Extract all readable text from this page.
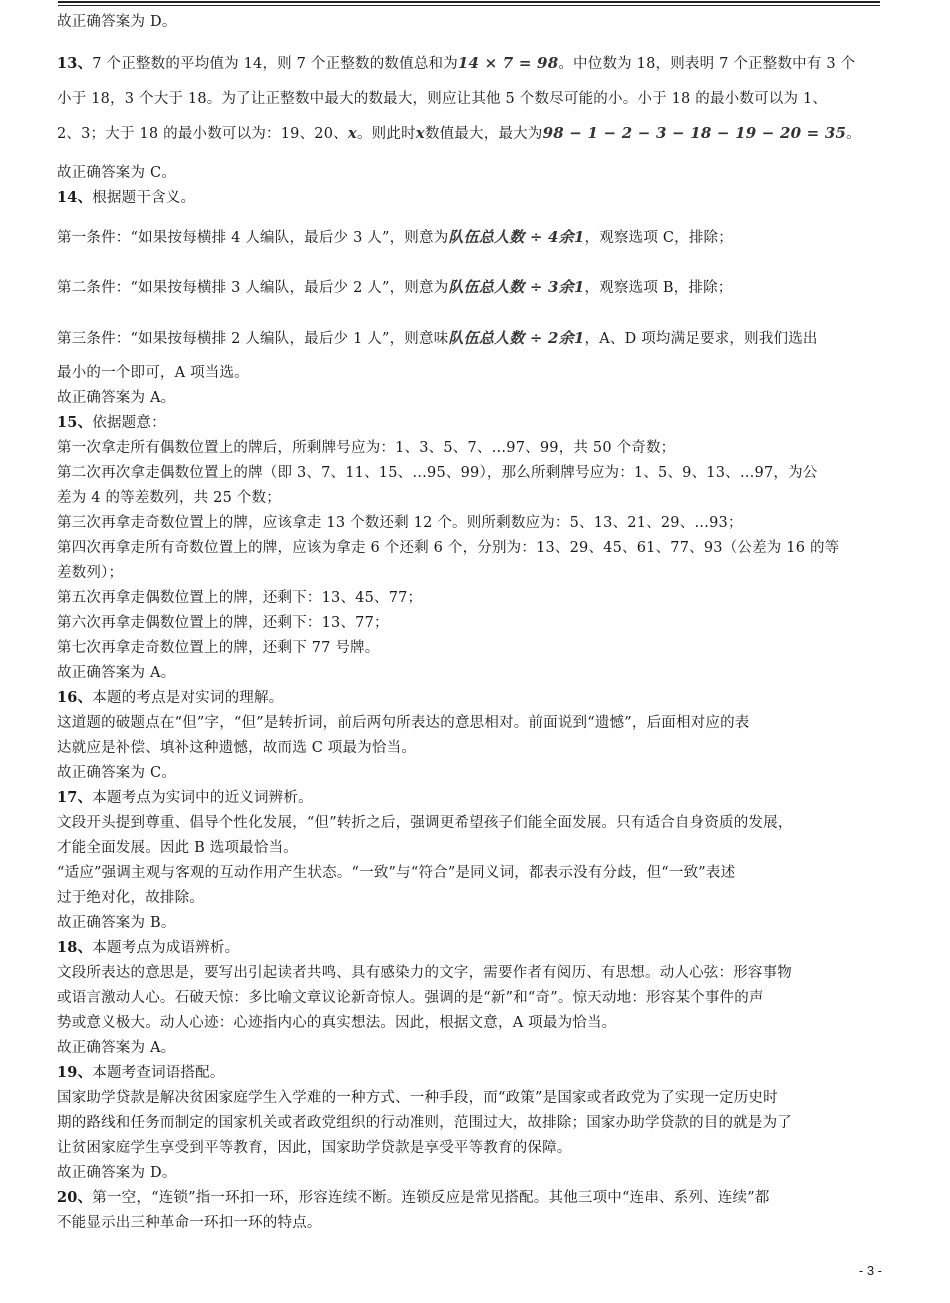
故正确答案为 D。
13、7 个正整数的平均值为 14，则 7 个正整数的数值总和为14 × 7 = 98。中位数为 18，则表明 7 个正整数中有 3 个
小于 18，3 个大于 18。为了让正整数中最大的数最大，则应让其他 5 个数尽可能的小。小于 18 的最小数可以为 1、
2、3；大于 18 的最小数可以为：19、20、x。则此时x数值最大，最大为98 − 1 − 2 − 3 − 18 − 19 − 20 = 35。
故正确答案为 C。
14、根据题干含义。
第一条件：“如果按每横排 4 人编队，最后少 3 人”，则意为队伍总人数 ÷ 4余1，观察选项 C，排除；
第二条件：“如果按每横排 3 人编队，最后少 2 人”，则意为队伍总人数 ÷ 3余1，观察选项 B，排除；
第三条件：“如果按每横排 2 人编队，最后少 1 人”，则意味队伍总人数 ÷ 2余1，A、D 项均满足要求，则我们选出
最小的一个即可，A 项当选。
故正确答案为 A。
15、依据题意：
第一次拿走所有偶数位置上的牌后，所剩牌号应为：1、3、5、7、…97、99，共 50 个奇数；
第二次再次拿走偶数位置上的牌（即 3、7、11、15、…95、99），那么所剩牌号应为：1、5、9、13、…97，为公
差为 4 的等差数列，共 25 个数；
第三次再拿走奇数位置上的牌，应该拿走 13 个数还剩 12 个。则所剩数应为：5、13、21、29、…93；
第四次再拿走所有奇数位置上的牌，应该为拿走 6 个还剩 6 个，分别为：13、29、45、61、77、93（公差为 16 的等
差数列）；
第五次再拿走偶数位置上的牌，还剩下：13、45、77；
第六次再拿走偶数位置上的牌，还剩下：13、77；
第七次再拿走奇数位置上的牌，还剩下 77 号牌。
故正确答案为 A。
16、本题的考点是对实词的理解。
这道题的破题点在“但”字，“但”是转折词，前后两句所表达的意思相对。前面说到“遗憾”，后面相对应的表
达就应是补偿、填补这种遗憾，故而选 C 项最为恰当。
故正确答案为 C。
17、本题考点为实词中的近义词辨析。
文段开头提到尊重、倡导个性化发展，“但”转折之后，强调更希望孩子们能全面发展。只有适合自身资质的发展，
才能全面发展。因此 B 选项最恰当。
“适应”强调主观与客观的互动作用产生状态。“一致”与“符合”是同义词，都表示没有分歧，但“一致”表述
过于绝对化，故排除。
故正确答案为 B。
18、本题考点为成语辨析。
文段所表达的意思是，要写出引起读者共鸣、具有感染力的文字，需要作者有阅历、有思想。动人心弦：形容事物
或语言激动人心。石破天惊：多比喻文章议论新奇惊人。强调的是“新”和“奇”。惊天动地：形容某个事件的声
势或意义极大。动人心迹：心迹指内心的真实想法。因此，根据文意，A 项最为恰当。
故正确答案为 A。
19、本题考查词语搭配。
国家助学贷款是解决贫困家庭学生入学难的一种方式、一种手段，而“政策”是国家或者政党为了实现一定历史时
期的路线和任务而制定的国家机关或者政党组织的行动准则，范围过大，故排除；国家办助学贷款的目的就是为了
让贫困家庭学生享受到平等教育，因此，国家助学贷款是享受平等教育的保障。
故正确答案为 D。
20、第一空，“连锁”指一环扣一环，形容连续不断。连锁反应是常见搭配。其他三项中“连串、系列、连续”都
不能显示出三种革命一环扣一环的特点。
- 3 -
